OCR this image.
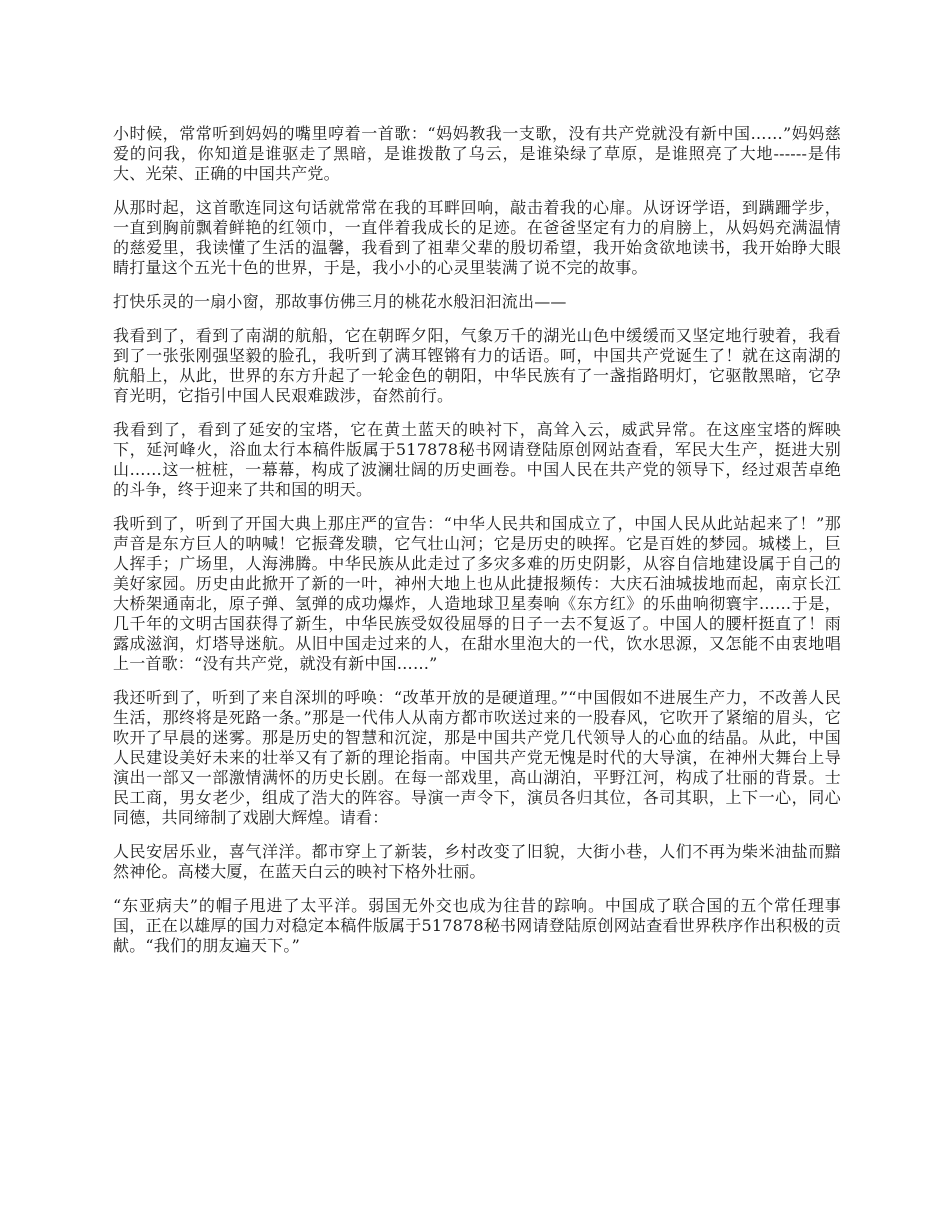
小时候，常常听到妈妈的嘴里哼着一首歌：“妈妈教我一支歌，没有共产党就没有新中国……”妈妈慈爱的问我，你知道是谁驱走了黑暗，是谁拨散了乌云，是谁染绿了草原，是谁照亮了大地------是伟大、光荣、正确的中国共产党。

从那时起，这首歌连同这句话就常常在我的耳畔回响，敲击着我的心扉。从讶讶学语，到蹒跚学步，一直到胸前飘着鲜艳的红领巾，一直伴着我成长的足迹。在爸爸坚定有力的肩膀上，从妈妈充满温情的慈爱里，我读懂了生活的温馨，我看到了祖辈父辈的殷切希望，我开始贪欲地读书，我开始睁大眼睛打量这个五光十色的世界，于是，我小小的心灵里装满了说不完的故事。

打快乐灵的一扇小窗，那故事仿佛三月的桃花水般汩汩流出——

我看到了，看到了南湖的航船，它在朝晖夕阳，气象万千的湖光山色中缓缓而又坚定地行驶着，我看到了一张张刚强坚毅的脸孔，我听到了满耳铿锵有力的话语。呵，中国共产党诞生了！就在这南湖的航船上，从此，世界的东方升起了一轮金色的朝阳，中华民族有了一盏指路明灯，它驱散黑暗，它孕育光明，它指引中国人民艰难跋涉，奋然前行。

我看到了，看到了延安的宝塔，它在黄土蓝天的映衬下，高耸入云，威武异常。在这座宝塔的辉映下，延河峰火，浴血太行本稿件版属于517878秘书网请登陆原创网站查看，军民大生产，挺进大别山……这一桩桩，一幕幕，构成了波澜壮阔的历史画卷。中国人民在共产党的领导下，经过艰苦卓绝的斗争，终于迎来了共和国的明天。

我听到了，听到了开国大典上那庄严的宣告：“中华人民共和国成立了，中国人民从此站起来了！”那声音是东方巨人的呐喊！它振聋发聩，它气壮山河；它是历史的映挥。它是百姓的梦园。城楼上，巨人挥手；广场里，人海沸腾。中华民族从此走过了多灾多难的历史阴影，从容自信地建设属于自己的美好家园。历史由此掀开了新的一叶，神州大地上也从此捷报频传：大庆石油城拔地而起，南京长江大桥架通南北，原子弹、氢弹的成功爆炸，人造地球卫星奏响《东方红》的乐曲响彻寰宇……于是，几千年的文明古国获得了新生，中华民族受奴役屈辱的日子一去不复返了。中国人的腰杆挺直了！雨露成滋润，灯塔导迷航。从旧中国走过来的人，在甜水里泡大的一代，饮水思源，又怎能不由衷地唱上一首歌：“没有共产党，就没有新中国……”

我还听到了，听到了来自深圳的呼唤：“改革开放的是硬道理。”“中国假如不进展生产力，不改善人民生活，那终将是死路一条。”那是一代伟人从南方都市吹送过来的一股春风，它吹开了紧缩的眉头，它吹开了早晨的迷雾。那是历史的智慧和沉淀，那是中国共产党几代领导人的心血的结晶。从此，中国人民建设美好未来的壮举又有了新的理论指南。中国共产党无愧是时代的大导演，在神州大舞台上导演出一部又一部激情满怀的历史长剧。在每一部戏里，高山湖泊，平野江河，构成了壮丽的背景。士民工商，男女老少，组成了浩大的阵容。导演一声令下，演员各归其位，各司其职，上下一心，同心同德，共同缔制了戏剧大辉煌。请看：

人民安居乐业，喜气洋洋。都市穿上了新装，乡村改变了旧貌，大街小巷，人们不再为柴米油盐而黯然神伦。高楼大厦，在蓝天白云的映衬下格外壮丽。

“东亚病夫”的帽子甩进了太平洋。弱国无外交也成为往昔的踪响。中国成了联合国的五个常任理事国，正在以雄厚的国力对稳定本稿件版属于517878秘书网请登陆原创网站查看世界秩序作出积极的贡献。“我们的朋友遍天下。”
